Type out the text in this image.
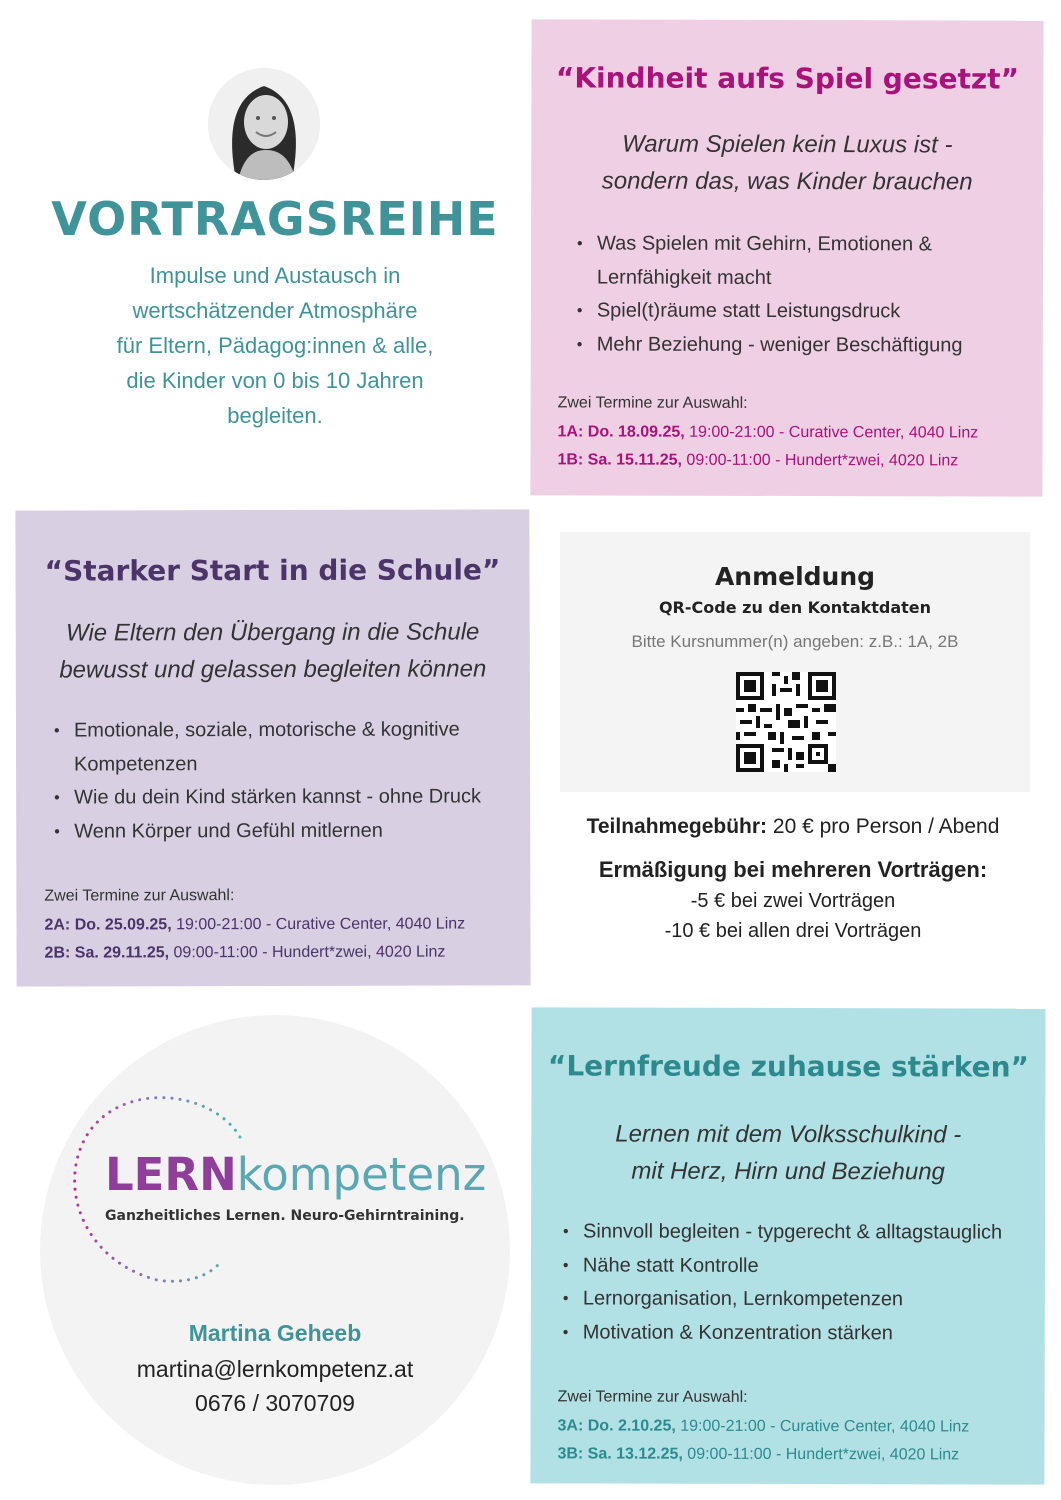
VORTRAGSREIHE
Impulse und Austausch in
wertschätzender Atmosphäre
für Eltern, Pädagog:innen & alle,
die Kinder von 0 bis 10 Jahren
begleiten.
“Kindheit aufs Spiel gesetzt”
Warum Spielen kein Luxus ist -
sondern das, was Kinder brauchen
• Was Spielen mit Gehirn, Emotionen &
Lernfähigkeit macht
• Spiel(t)räume statt Leistungsdruck
• Mehr Beziehung - weniger Beschäftigung
Zwei Termine zur Auswahl:
1A: Do. 18.09.25, 19:00-21:00 - Curative Center, 4040 Linz
1B: Sa. 15.11.25, 09:00-11:00 - Hundert*zwei, 4020 Linz
“Starker Start in die Schule”
Wie Eltern den Übergang in die Schule
bewusst und gelassen begleiten können
• Emotionale, soziale, motorische & kognitive
Kompetenzen
• Wie du dein Kind stärken kannst - ohne Druck
• Wenn Körper und Gefühl mitlernen
Zwei Termine zur Auswahl:
2A: Do. 25.09.25, 19:00-21:00 - Curative Center, 4040 Linz
2B: Sa. 29.11.25, 09:00-11:00 - Hundert*zwei, 4020 Linz
Anmeldung
QR-Code zu den Kontaktdaten
Bitte Kursnummer(n) angeben: z.B.: 1A, 2B
Teilnahmegebühr: 20 € pro Person / Abend
Ermäßigung bei mehreren Vorträgen:
-5 € bei zwei Vorträgen
-10 € bei allen drei Vorträgen
LERNkompetenz
Ganzheitliches Lernen. Neuro-Gehirntraining.
Martina Geheeb
martina@lernkompetenz.at
0676 / 3070709
“Lernfreude zuhause stärken”
Lernen mit dem Volksschulkind -
mit Herz, Hirn und Beziehung
• Sinnvoll begleiten - typgerecht & alltagstauglich
• Nähe statt Kontrolle
• Lernorganisation, Lernkompetenzen
• Motivation & Konzentration stärken
Zwei Termine zur Auswahl:
3A: Do. 2.10.25, 19:00-21:00 - Curative Center, 4040 Linz
3B: Sa. 13.12.25, 09:00-11:00 - Hundert*zwei, 4020 Linz
